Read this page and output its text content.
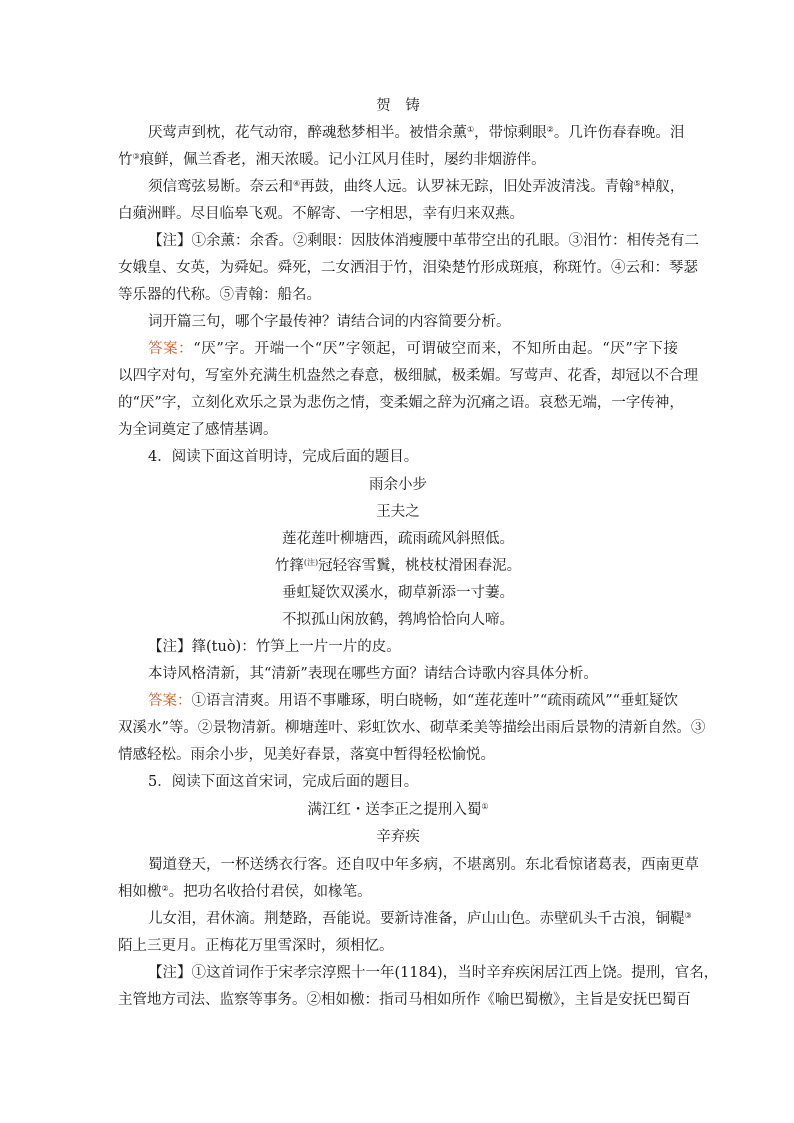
贺　铸
厌莺声到枕，花气动帘，醉魂愁梦相半。被惜余薰①，带惊剩眼②。几许伤春春晚。泪
竹③痕鲜，佩兰香老，湘天浓暖。记小江风月佳时，屡约非烟游伴。
须信鸾弦易断。奈云和④再鼓，曲终人远。认罗袜无踪，旧处弄波清浅。青翰⑤棹舣，
白蘋洲畔。尽目临皋飞观。不解寄、一字相思，幸有归来双燕。
【注】①余薰：余香。②剩眼：因肢体消瘦腰中革带空出的孔眼。③泪竹：相传尧有二
女娥皇、女英，为舜妃。舜死，二女洒泪于竹，泪染楚竹形成斑痕，称斑竹。④云和：琴瑟
等乐器的代称。⑤青翰：船名。
词开篇三句，哪个字最传神？请结合词的内容简要分析。
答案：“厌”字。开端一个“厌”字领起，可谓破空而来，不知所由起。“厌”字下接
以四字对句，写室外充满生机盎然之春意，极细腻，极柔媚。写莺声、花香，却冠以不合理
的“厌”字，立刻化欢乐之景为悲伤之情，变柔媚之辞为沉痛之语。哀愁无端，一字传神，
为全词奠定了感情基调。
4．阅读下面这首明诗，完成后面的题目。
雨余小步
王夫之
莲花莲叶柳塘西，疏雨疏风斜照低。
竹箨$^{(注)}$冠轻容雪鬒，桃枝杖滑困春泥。
垂虹疑饮双溪水，砌草新添一寸萋。
不拟孤山闲放鹤，鹁鸠恰恰向人啼。
【注】箨(tuò)：竹笋上一片一片的皮。
本诗风格清新，其“清新”表现在哪些方面？请结合诗歌内容具体分析。
答案：①语言清爽。用语不事雕琢，明白晓畅，如“莲花莲叶”“疏雨疏风”“垂虹疑饮
双溪水”等。②景物清新。柳塘莲叶、彩虹饮水、砌草柔美等描绘出雨后景物的清新自然。③
情感轻松。雨余小步，见美好春景，落寞中暂得轻松愉悦。
5．阅读下面这首宋词，完成后面的题目。
满江红・送李正之提刑入蜀①
辛弃疾
蜀道登天，一杯送绣衣行客。还自叹中年多病，不堪离别。东北看惊诸葛表，西南更草
相如檄②。把功名收拾付君侯，如椽笔。
儿女泪，君休滴。荆楚路，吾能说。要新诗准备，庐山山色。赤壁矶头千古浪，铜鞮③
陌上三更月。正梅花万里雪深时，须相忆。
【注】①这首词作于宋孝宗淳熙十一年(1184)，当时辛弃疾闲居江西上饶。提刑，官名，
主管地方司法、监察等事务。②相如檄：指司马相如所作《喻巴蜀檄》，主旨是安抚巴蜀百
